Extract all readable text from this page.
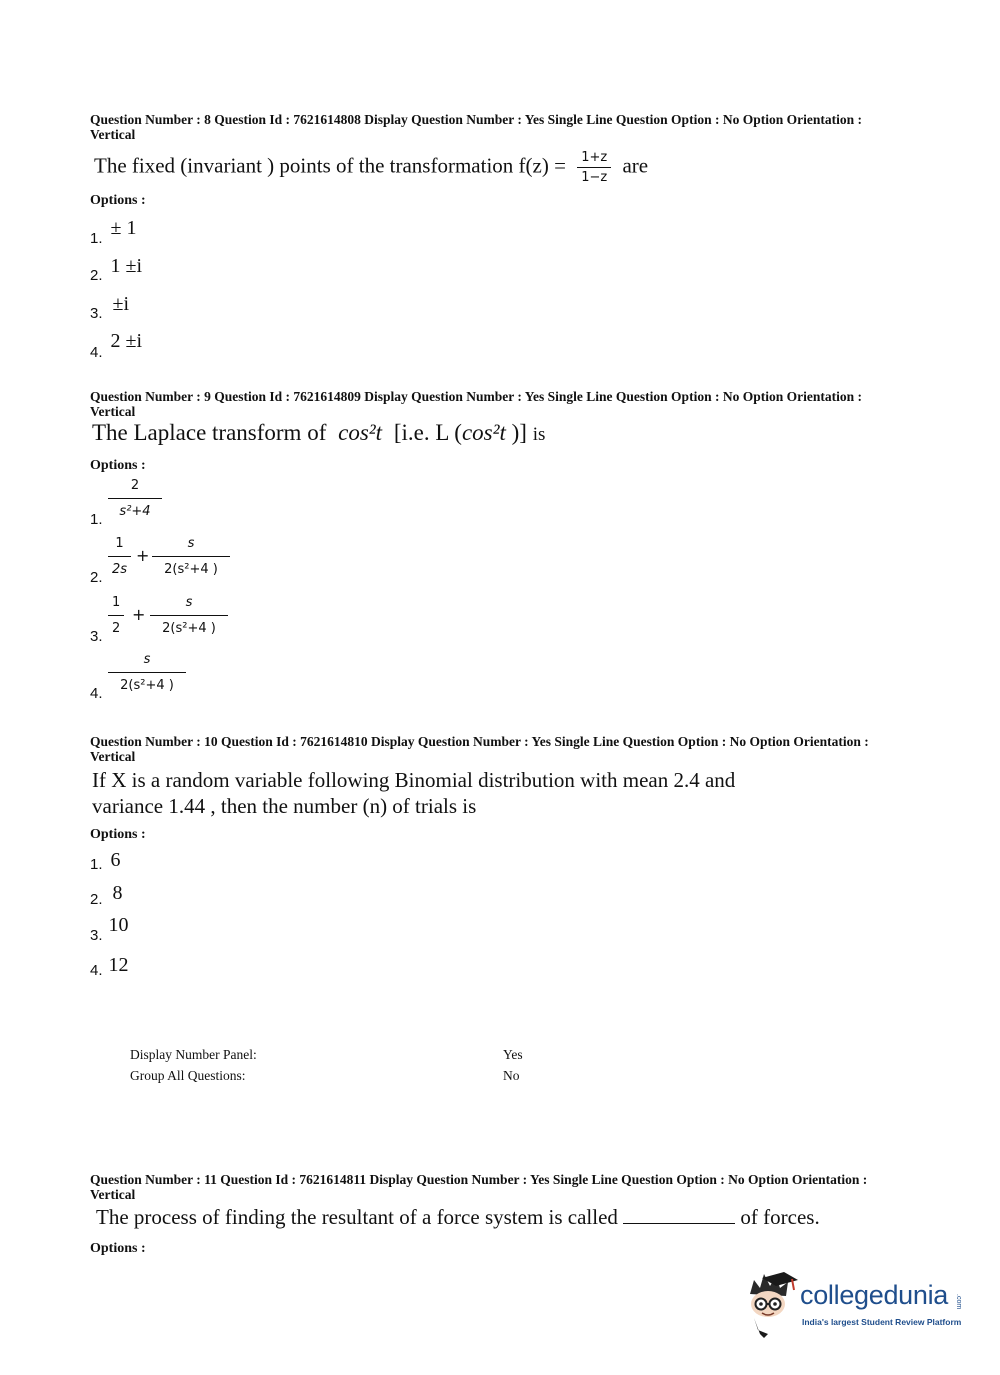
Question Number : 8 Question Id : 7621614808 Display Question Number : Yes Single Line Question Option : No Option Orientation : Vertical
The fixed (invariant ) points of the transformation $f(z) = \frac{1+z}{1-z}$ are
Options :
1. ± 1
2. 1 ±i
3. ±i
4. 2 ±i
Question Number : 9 Question Id : 7621614809 Display Question Number : Yes Single Line Question Option : No Option Orientation : Vertical
The Laplace transform of cos²t [i.e. L (cos²t )] is
Options :
1.
$\frac{2}{\text{s²+4}}$
2.
$\frac{1}{2s} + \frac{s}{\text{2(s²+4 )}}$
3.
$\frac{1}{2} + \frac{s}{\text{2(s²+4 )}}$
4.
$\frac{s}{\text{2(s²+4 )}}$
Question Number : 10 Question Id : 7621614810 Display Question Number : Yes Single Line Question Option : No Option Orientation : Vertical
If X is a random variable following Binomial distribution with mean 2.4 and
variance 1.44 , then the number (n) of trials is
Options :
1. 6
2. 8
3. 10
4. 12
Display Number Panel:	Yes
Group All Questions:	No
Question Number : 11 Question Id : 7621614811 Display Question Number : Yes Single Line Question Option : No Option Orientation : Vertical
The process of finding the resultant of a force system is called	of forces.
Options :
collegedunia .com
India's largest Student Review Platform
